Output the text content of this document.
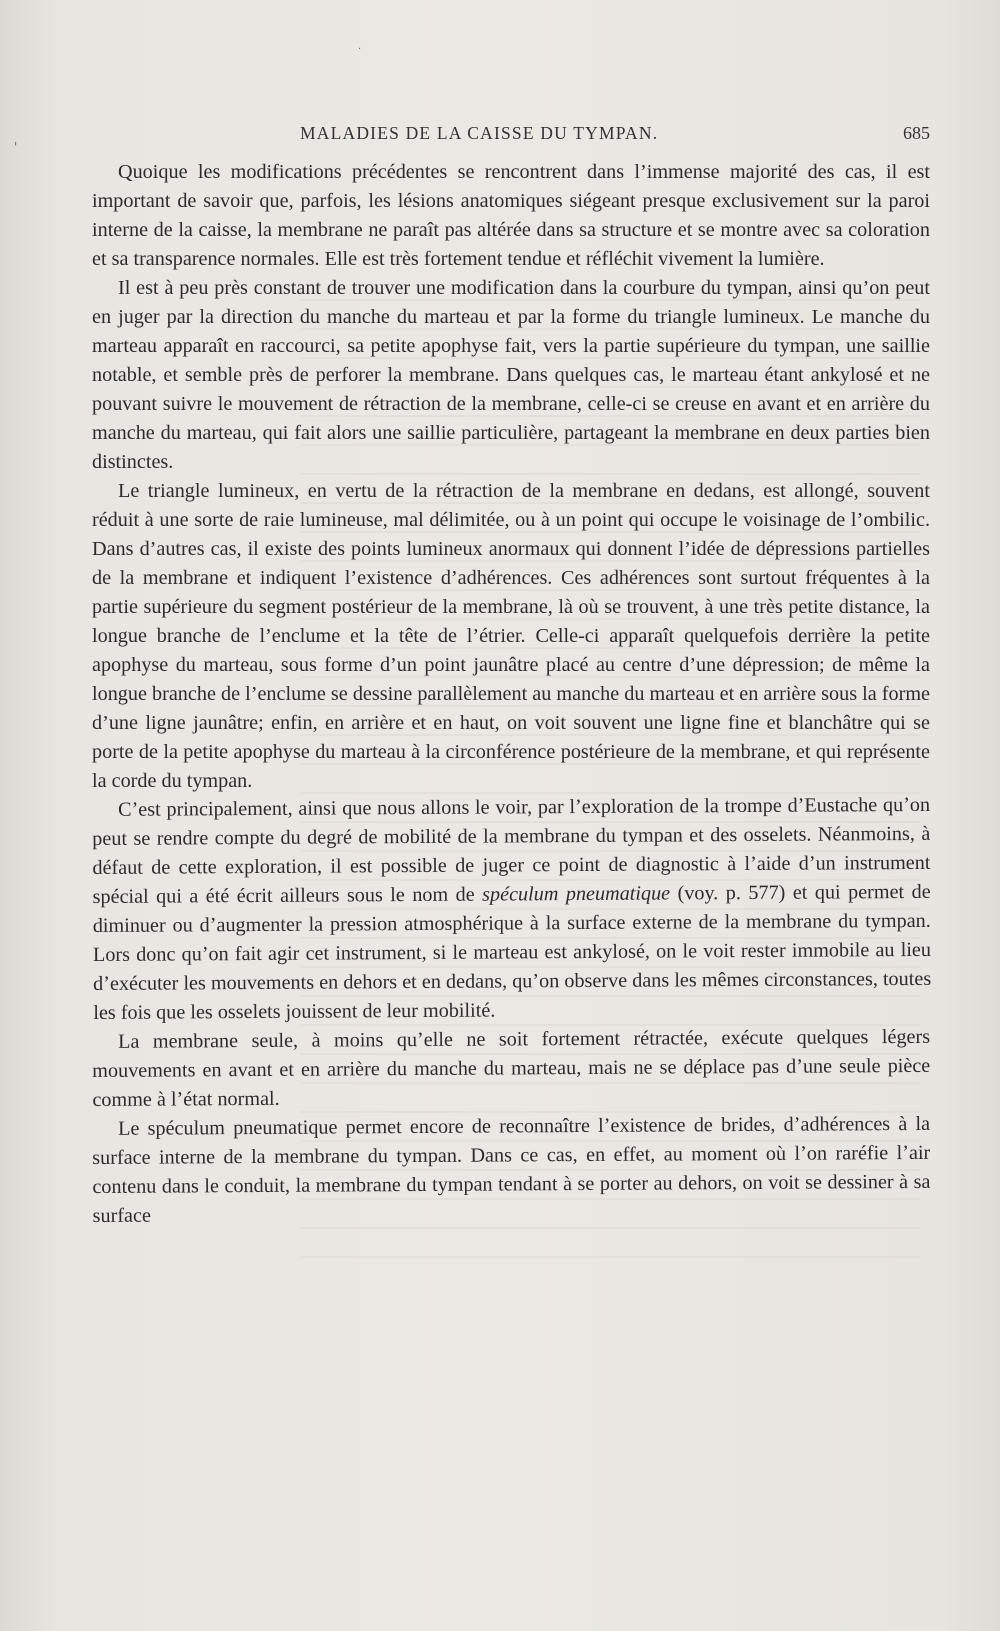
·
'
MALADIES DE LA CAISSE DU TYMPAN.	685

Quoique les modifications précédentes se rencontrent dans l’immense majorité des cas, il est important de savoir que, parfois, les lésions anatomiques siégeant presque exclusivement sur la paroi interne de la caisse, la membrane ne paraît pas altérée dans sa structure et se montre avec sa coloration et sa transparence normales. Elle est très fortement tendue et réfléchit vivement la lumière.

Il est à peu près constant de trouver une modification dans la courbure du tympan, ainsi qu’on peut en juger par la direction du manche du marteau et par la forme du triangle lumineux. Le manche du marteau apparaît en raccourci, sa petite apophyse fait, vers la partie supérieure du tympan, une saillie notable, et semble près de perforer la membrane. Dans quelques cas, le marteau étant ankylosé et ne pouvant suivre le mouvement de rétraction de la membrane, celle-ci se creuse en avant et en arrière du manche du marteau, qui fait alors une saillie particulière, partageant la membrane en deux parties bien distinctes.

Le triangle lumineux, en vertu de la rétraction de la membrane en dedans, est allongé, souvent réduit à une sorte de raie lumineuse, mal délimitée, ou à un point qui occupe le voisinage de l’ombilic. Dans d’autres cas, il existe des points lumineux anormaux qui donnent l’idée de dépressions partielles de la membrane et indiquent l’existence d’adhérences. Ces adhérences sont surtout fréquentes à la partie supérieure du segment postérieur de la membrane, là où se trouvent, à une très petite distance, la longue branche de l’enclume et la tête de l’étrier. Celle-ci apparaît quelquefois derrière la petite apophyse du marteau, sous forme d’un point jaunâtre placé au centre d’une dépression; de même la longue branche de l’enclume se dessine parallèlement au manche du marteau et en arrière sous la forme d’une ligne jaunâtre; enfin, en arrière et en haut, on voit souvent une ligne fine et blanchâtre qui se porte de la petite apophyse du marteau à la circonférence postérieure de la membrane, et qui représente la corde du tympan.

C’est principalement, ainsi que nous allons le voir, par l’exploration de la trompe d’Eustache qu’on peut se rendre compte du degré de mobilité de la membrane du tympan et des osselets. Néanmoins, à défaut de cette exploration, il est possible de juger ce point de diagnostic à l’aide d’un instrument spécial qui a été écrit ailleurs sous le nom de spéculum pneumatique (voy. p. 577) et qui permet de diminuer ou d’augmenter la pression atmosphérique à la surface externe de la membrane du tympan. Lors donc qu’on fait agir cet instrument, si le marteau est ankylosé, on le voit rester immobile au lieu d’exécuter les mouvements en dehors et en dedans, qu’on observe dans les mêmes circonstances, toutes les fois que les osselets jouissent de leur mobilité.

La membrane seule, à moins qu’elle ne soit fortement rétractée, exécute quelques légers mouvements en avant et en arrière du manche du marteau, mais ne se déplace pas d’une seule pièce comme à l’état normal.

Le spéculum pneumatique permet encore de reconnaître l’existence de brides, d’adhérences à la surface interne de la membrane du tympan. Dans ce cas, en effet, au moment où l’on raréfie l’air contenu dans le conduit, la membrane du tympan tendant à se porter au dehors, on voit se dessiner à sa surface
